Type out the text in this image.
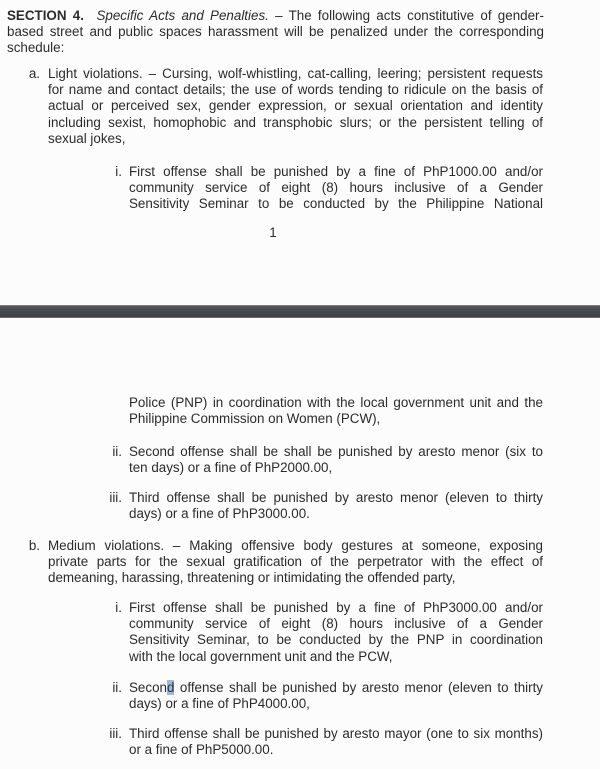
SECTION 4. Specific Acts and Penalties. – The following acts constitutive of gender-
based street and public spaces harassment will be penalized under the corresponding
schedule:
a. Light violations. – Cursing, wolf-whistling, cat-calling, leering; persistent requests
for name and contact details; the use of words tending to ridicule on the basis of
actual or perceived sex, gender expression, or sexual orientation and identity
including sexist, homophobic and transphobic slurs; or the persistent telling of
sexual jokes,
i. First offense shall be punished by a fine of PhP1000.00 and/or
community service of eight (8) hours inclusive of a Gender
Sensitivity Seminar to be conducted by the Philippine National
1
Police (PNP) in coordination with the local government unit and the
Philippine Commission on Women (PCW),
ii. Second offense shall be shall be punished by aresto menor (six to
ten days) or a fine of PhP2000.00,
iii. Third offense shall be punished by aresto menor (eleven to thirty
days) or a fine of PhP3000.00.
b. Medium violations. – Making offensive body gestures at someone, exposing
private parts for the sexual gratification of the perpetrator with the effect of
demeaning, harassing, threatening or intimidating the offended party,
i. First offense shall be punished by a fine of PhP3000.00 and/or
community service of eight (8) hours inclusive of a Gender
Sensitivity Seminar, to be conducted by the PNP in coordination
with the local government unit and the PCW,
ii. Second offense shall be punished by aresto menor (eleven to thirty
days) or a fine of PhP4000.00,
iii. Third offense shall be punished by aresto mayor (one to six months)
or a fine of PhP5000.00.
